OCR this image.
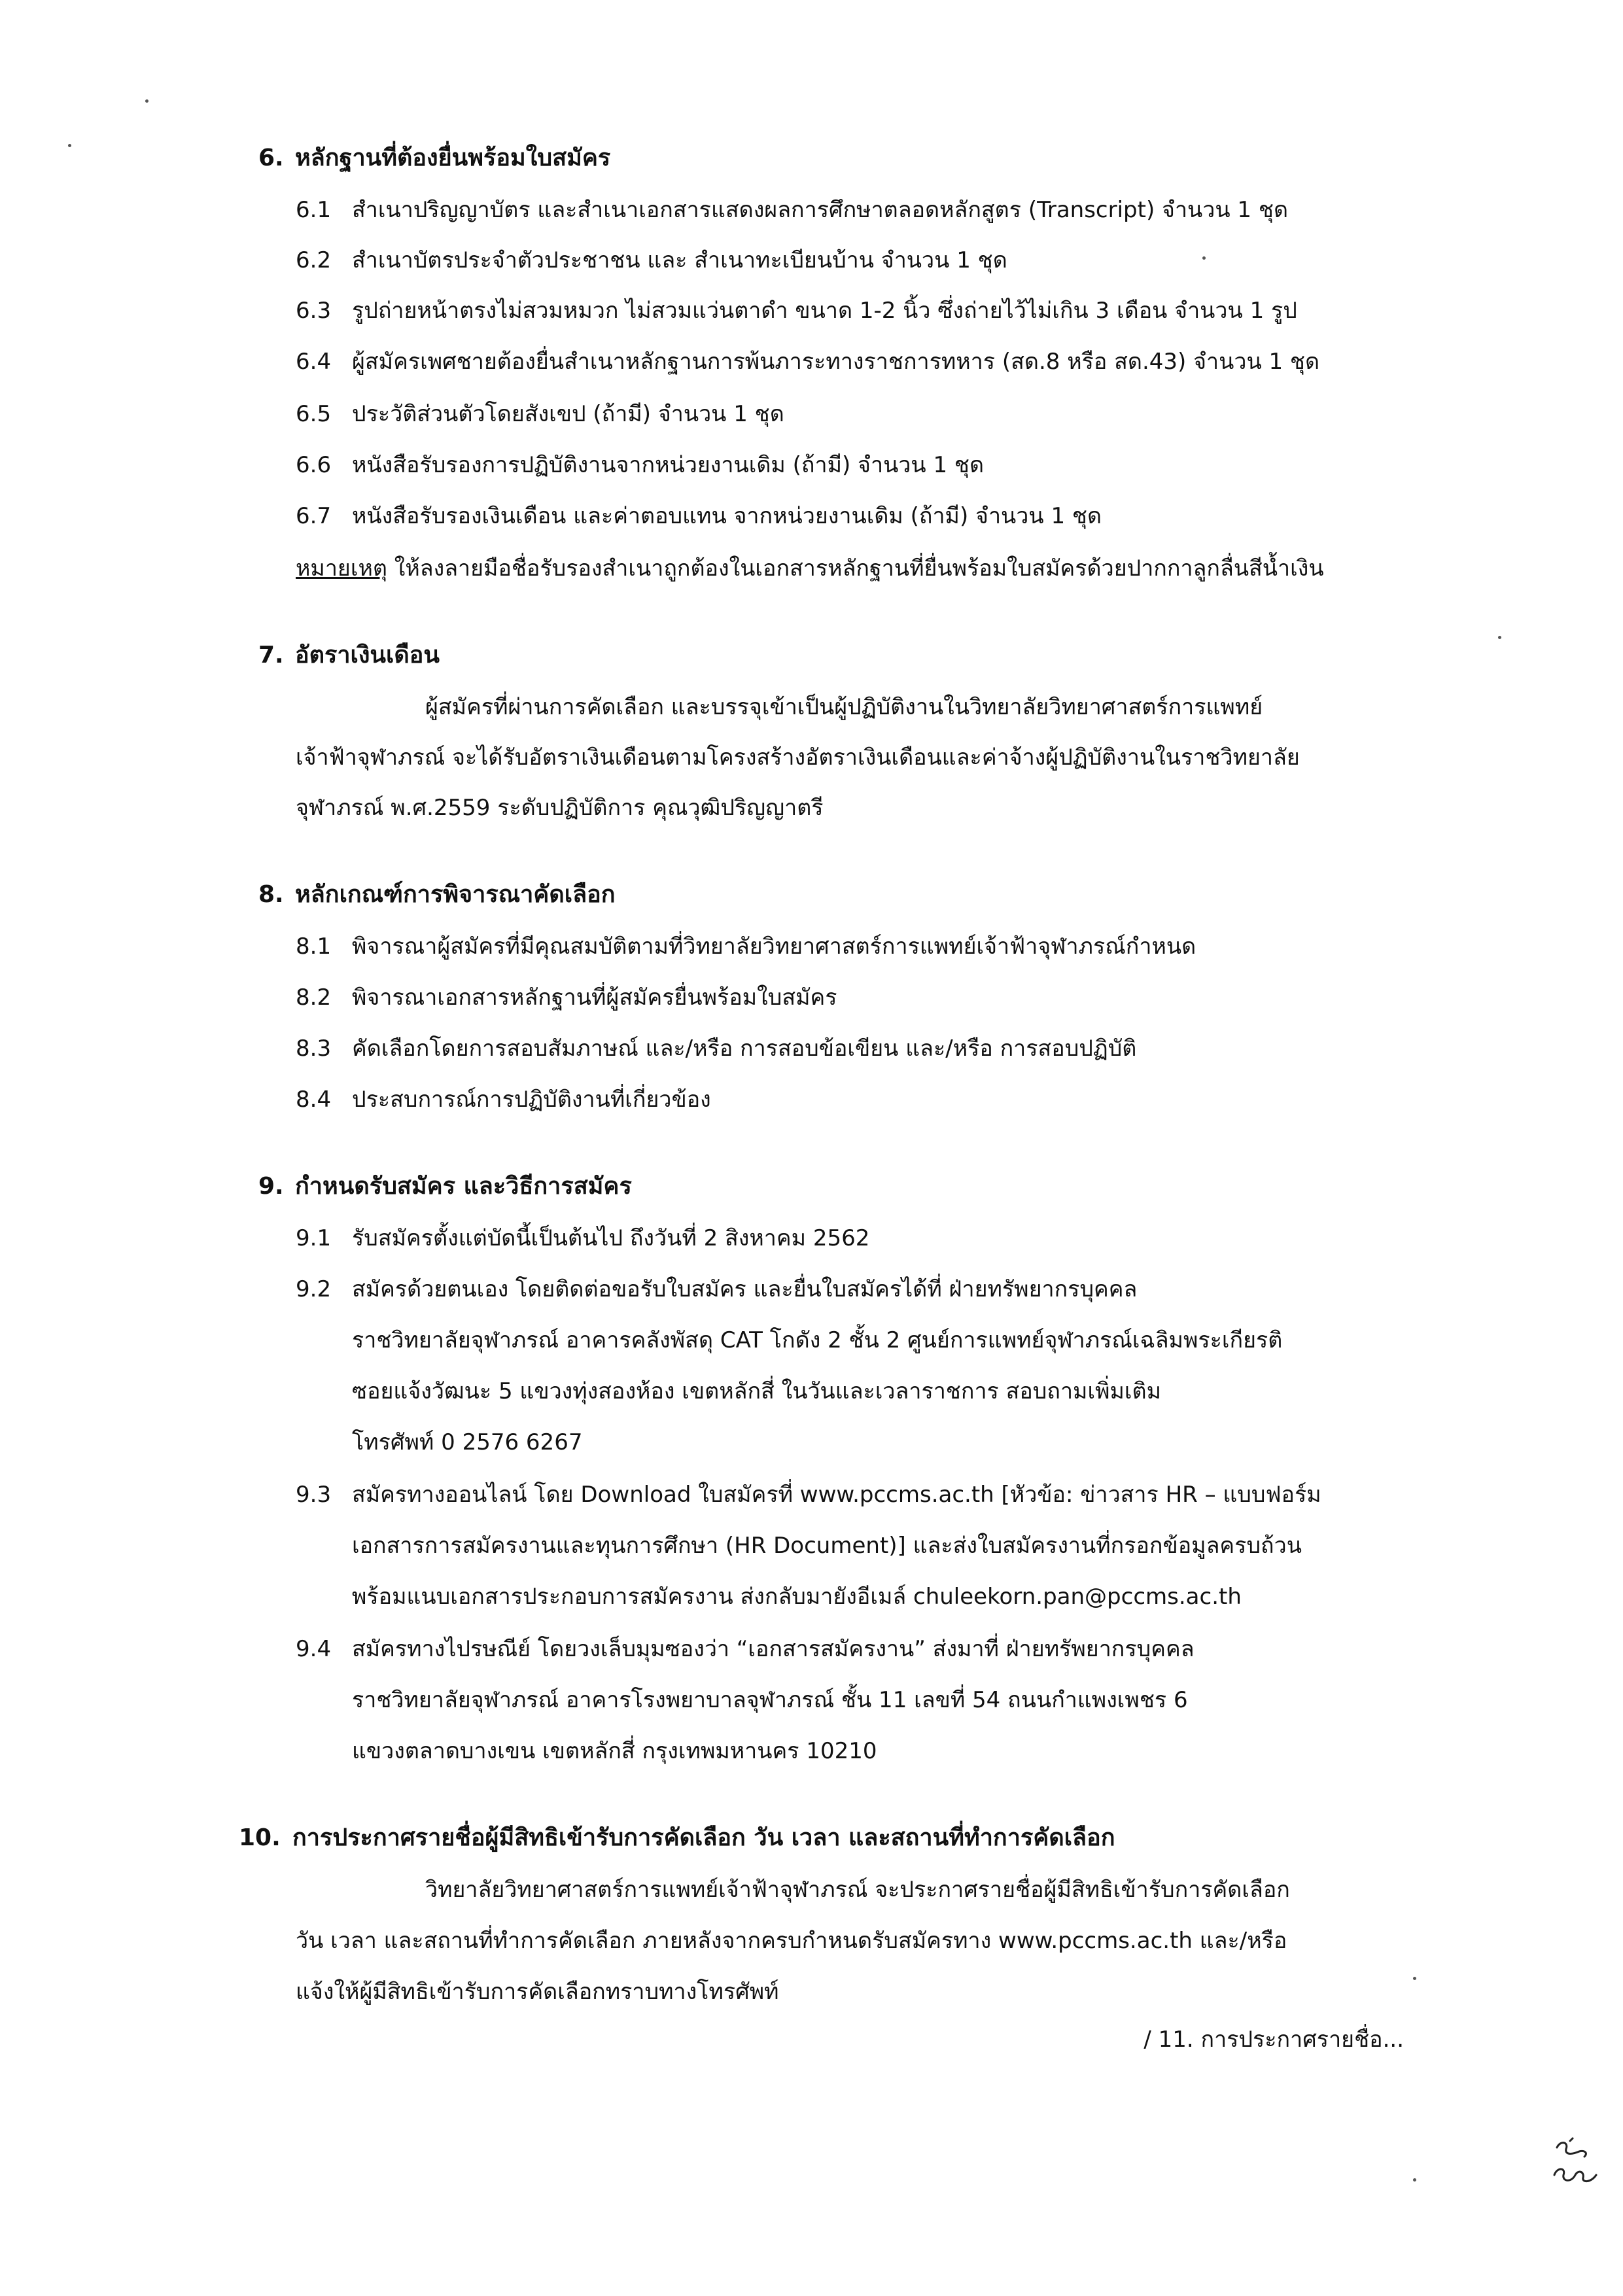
6. หลักฐานที่ต้องยื่นพร้อมใบสมัคร
6.1 สำเนาปริญญาบัตร และสำเนาเอกสารแสดงผลการศึกษาตลอดหลักสูตร (Transcript) จำนวน 1 ชุด
6.2 สำเนาบัตรประจำตัวประชาชน และ สำเนาทะเบียนบ้าน จำนวน 1 ชุด
6.3 รูปถ่ายหน้าตรงไม่สวมหมวก ไม่สวมแว่นตาดำ ขนาด 1-2 นิ้ว ซึ่งถ่ายไว้ไม่เกิน 3 เดือน จำนวน 1 รูป
6.4 ผู้สมัครเพศชายต้องยื่นสำเนาหลักฐานการพ้นภาระทางราชการทหาร (สด.8 หรือ สด.43) จำนวน 1 ชุด
6.5 ประวัติส่วนตัวโดยสังเขป (ถ้ามี) จำนวน 1 ชุด
6.6 หนังสือรับรองการปฏิบัติงานจากหน่วยงานเดิม (ถ้ามี) จำนวน 1 ชุด
6.7 หนังสือรับรองเงินเดือน และค่าตอบแทน จากหน่วยงานเดิม (ถ้ามี) จำนวน 1 ชุด
หมายเหตุ ให้ลงลายมือชื่อรับรองสำเนาถูกต้องในเอกสารหลักฐานที่ยื่นพร้อมใบสมัครด้วยปากกาลูกลื่นสีน้ำเงิน
7. อัตราเงินเดือน
ผู้สมัครที่ผ่านการคัดเลือก และบรรจุเข้าเป็นผู้ปฏิบัติงานในวิทยาลัยวิทยาศาสตร์การแพทย์
เจ้าฟ้าจุฬาภรณ์ จะได้รับอัตราเงินเดือนตามโครงสร้างอัตราเงินเดือนและค่าจ้างผู้ปฏิบัติงานในราชวิทยาลัย
จุฬาภรณ์ พ.ศ.2559 ระดับปฏิบัติการ คุณวุฒิปริญญาตรี
8. หลักเกณฑ์การพิจารณาคัดเลือก
8.1 พิจารณาผู้สมัครที่มีคุณสมบัติตามที่วิทยาลัยวิทยาศาสตร์การแพทย์เจ้าฟ้าจุฬาภรณ์กำหนด
8.2 พิจารณาเอกสารหลักฐานที่ผู้สมัครยื่นพร้อมใบสมัคร
8.3 คัดเลือกโดยการสอบสัมภาษณ์ และ/หรือ การสอบข้อเขียน และ/หรือ การสอบปฏิบัติ
8.4 ประสบการณ์การปฏิบัติงานที่เกี่ยวข้อง
9. กำหนดรับสมัคร และวิธีการสมัคร
9.1 รับสมัครตั้งแต่บัดนี้เป็นต้นไป ถึงวันที่ 2 สิงหาคม 2562
9.2 สมัครด้วยตนเอง โดยติดต่อขอรับใบสมัคร และยื่นใบสมัครได้ที่ ฝ่ายทรัพยากรบุคคล
ราชวิทยาลัยจุฬาภรณ์ อาคารคลังพัสดุ CAT โกดัง 2 ชั้น 2 ศูนย์การแพทย์จุฬาภรณ์เฉลิมพระเกียรติ
ซอยแจ้งวัฒนะ 5 แขวงทุ่งสองห้อง เขตหลักสี่ ในวันและเวลาราชการ สอบถามเพิ่มเติม
โทรศัพท์ 0 2576 6267
9.3 สมัครทางออนไลน์ โดย Download ใบสมัครที่ www.pccms.ac.th [หัวข้อ: ข่าวสาร HR – แบบฟอร์ม
เอกสารการสมัครงานและทุนการศึกษา (HR Document)] และส่งใบสมัครงานที่กรอกข้อมูลครบถ้วน
พร้อมแนบเอกสารประกอบการสมัครงาน ส่งกลับมายังอีเมล์ chuleekorn.pan@pccms.ac.th
9.4 สมัครทางไปรษณีย์ โดยวงเล็บมุมซองว่า “เอกสารสมัครงาน” ส่งมาที่ ฝ่ายทรัพยากรบุคคล
ราชวิทยาลัยจุฬาภรณ์ อาคารโรงพยาบาลจุฬาภรณ์ ชั้น 11 เลขที่ 54 ถนนกำแพงเพชร 6
แขวงตลาดบางเขน เขตหลักสี่ กรุงเทพมหานคร 10210
10. การประกาศรายชื่อผู้มีสิทธิเข้ารับการคัดเลือก วัน เวลา และสถานที่ทำการคัดเลือก
วิทยาลัยวิทยาศาสตร์การแพทย์เจ้าฟ้าจุฬาภรณ์ จะประกาศรายชื่อผู้มีสิทธิเข้ารับการคัดเลือก
วัน เวลา และสถานที่ทำการคัดเลือก ภายหลังจากครบกำหนดรับสมัครทาง www.pccms.ac.th และ/หรือ
แจ้งให้ผู้มีสิทธิเข้ารับการคัดเลือกทราบทางโทรศัพท์
/ 11. การประกาศรายชื่อ...
